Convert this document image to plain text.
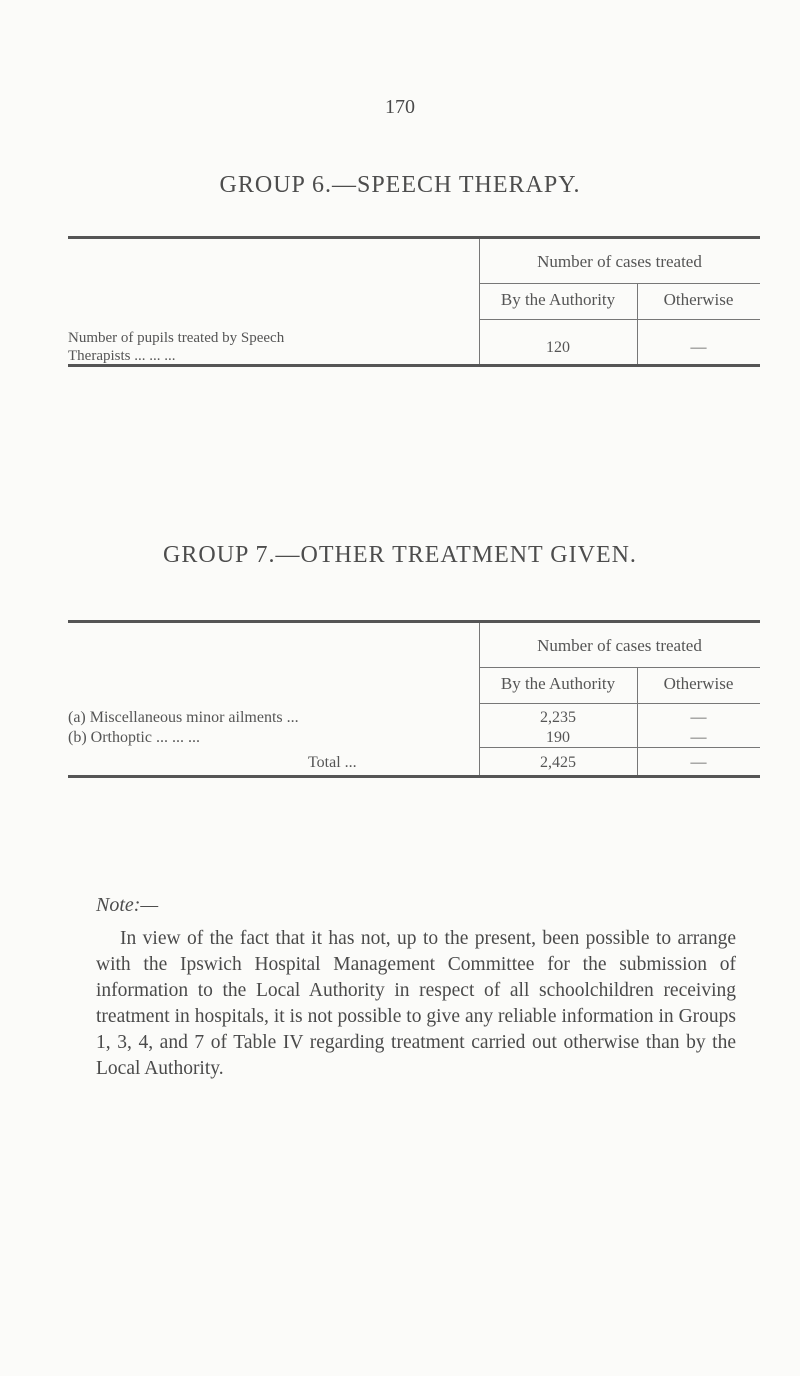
170
GROUP 6.—SPEECH THERAPY.
Number of cases treated
By the Authority	Otherwise
Number of pupils treated by Speech
Therapists ... ... ...	120	—
GROUP 7.—OTHER TREATMENT GIVEN.
Number of cases treated
By the Authority	Otherwise
(a) Miscellaneous minor ailments ...	2,235	—
(b) Orthoptic ... ... ...	190	—
Total ...	2,425	—
Note:—
In view of the fact that it has not, up to the present, been possible to arrange with the Ipswich Hospital Management Committee for the submission of information to the Local Authority in respect of all schoolchildren receiving treatment in hospitals, it is not possible to give any reliable information in Groups 1, 3, 4, and 7 of Table IV regarding treatment carried out otherwise than by the Local Authority.
